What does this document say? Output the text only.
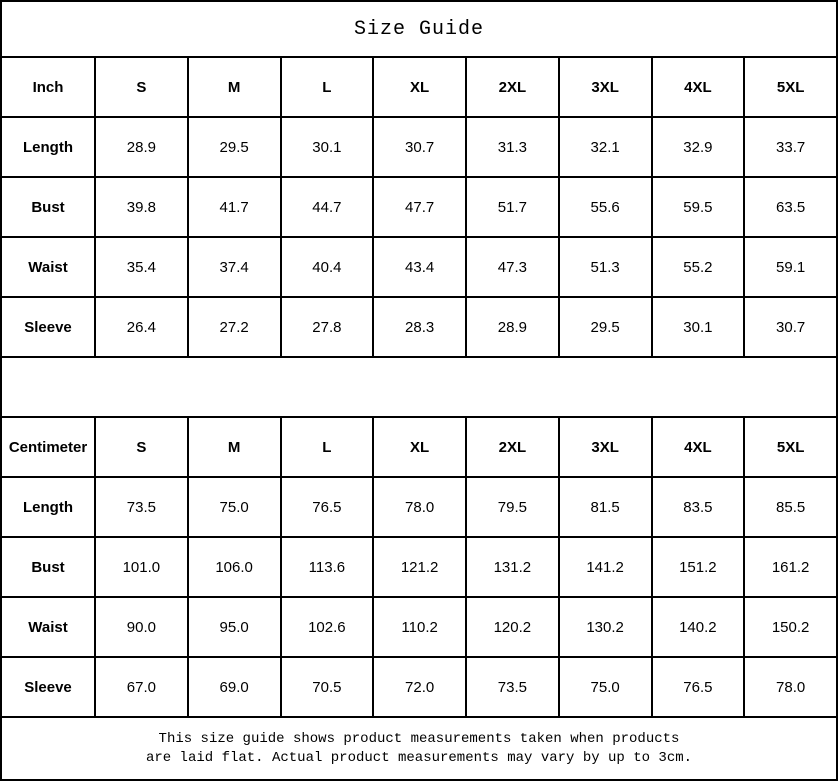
Size Guide								
Inch	S	M	L	XL	2XL	3XL	4XL	5XL
Length	28.9	29.5	30.1	30.7	31.3	32.1	32.9	33.7
Bust	39.8	41.7	44.7	47.7	51.7	55.6	59.5	63.5
Waist	35.4	37.4	40.4	43.4	47.3	51.3	55.2	59.1
Sleeve	26.4	27.2	27.8	28.3	28.9	29.5	30.1	30.7

Centimeter	S	M	L	XL	2XL	3XL	4XL	5XL
Length	73.5	75.0	76.5	78.0	79.5	81.5	83.5	85.5
Bust	101.0	106.0	113.6	121.2	131.2	141.2	151.2	161.2
Waist	90.0	95.0	102.6	110.2	120.2	130.2	140.2	150.2
Sleeve	67.0	69.0	70.5	72.0	73.5	75.0	76.5	78.0

This size guide shows product measurements taken when products
are laid flat. Actual product measurements may vary by up to 3cm.								
